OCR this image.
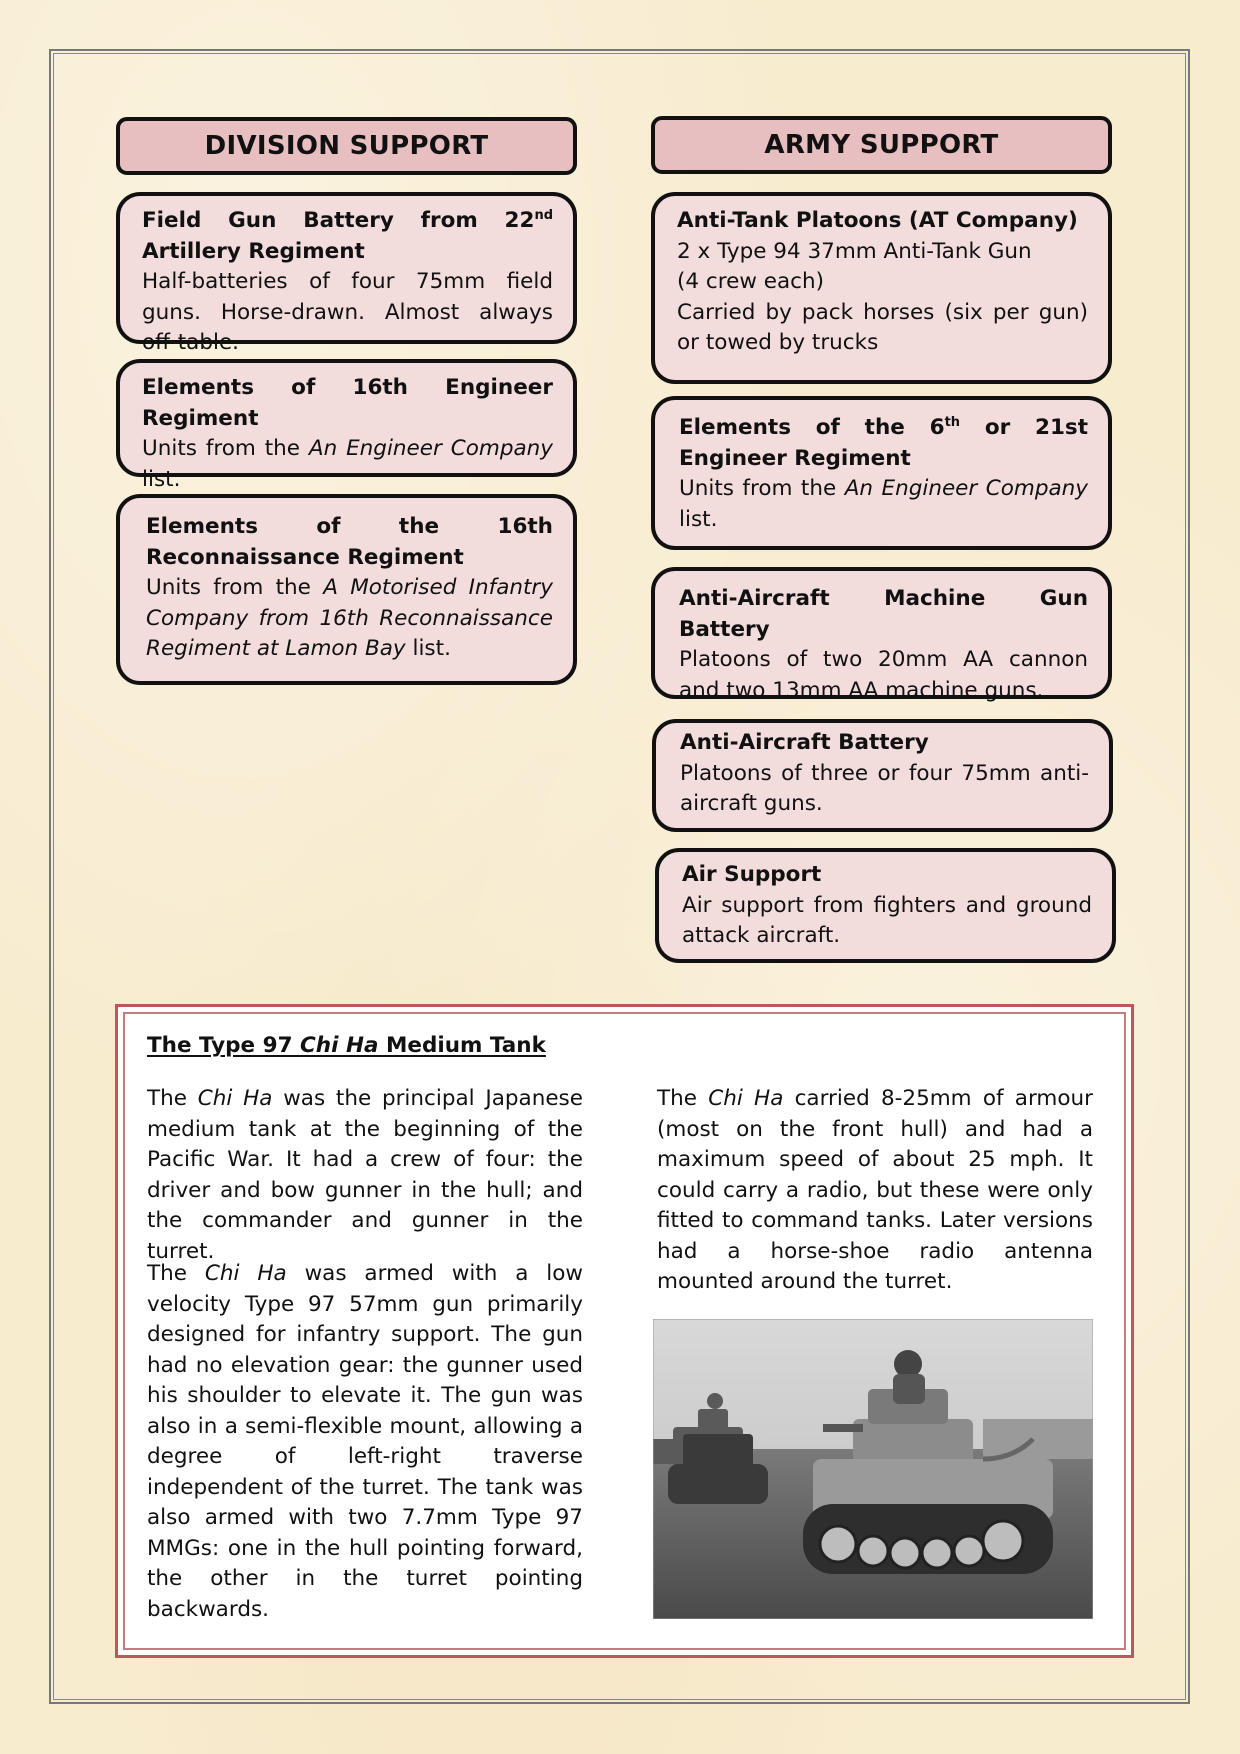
DIVISION SUPPORT
Field Gun Battery from 22nd Artillery Regiment

Half-batteries of four 75mm field guns. Horse-drawn. Almost always off-table.

Elements of 16th Engineer Regiment

Units from the An Engineer Company list.

Elements of the 16th Reconnaissance Regiment

Units from the A Motorised Infantry Company from 16th Reconnaissance Regiment at Lamon Bay list.

ARMY SUPPORT
Anti-Tank Platoons (AT Company)
2 x Type 94 37mm Anti-Tank Gun
(4 crew each)

Carried by pack horses (six per gun) or towed by trucks

Elements of the 6th or 21st Engineer Regiment

Units from the An Engineer Company list.

Anti-Aircraft Machine Gun Battery

Platoons of two 20mm AA cannon and two 13mm AA machine guns.

Anti-Aircraft Battery

Platoons of three or four 75mm anti-aircraft guns.

Air Support

Air support from fighters and ground attack aircraft.

The Type 97 Chi Ha Medium Tank

The Chi Ha was the principal Japanese medium tank at the beginning of the Pacific War. It had a crew of four: the driver and bow gunner in the hull; and the commander and gunner in the turret.

The Chi Ha was armed with a low velocity Type 97 57mm gun primarily designed for infantry support. The gun had no elevation gear: the gunner used his shoulder to elevate it. The gun was also in a semi-flexible mount, allowing a degree of left-right traverse independent of the turret. The tank was also armed with two 7.7mm Type 97 MMGs: one in the hull pointing forward, the other in the turret pointing backwards.

The Chi Ha carried 8-25mm of armour (most on the front hull) and had a maximum speed of about 25 mph. It could carry a radio, but these were only fitted to command tanks. Later versions had a horse-shoe radio antenna mounted around the turret.
